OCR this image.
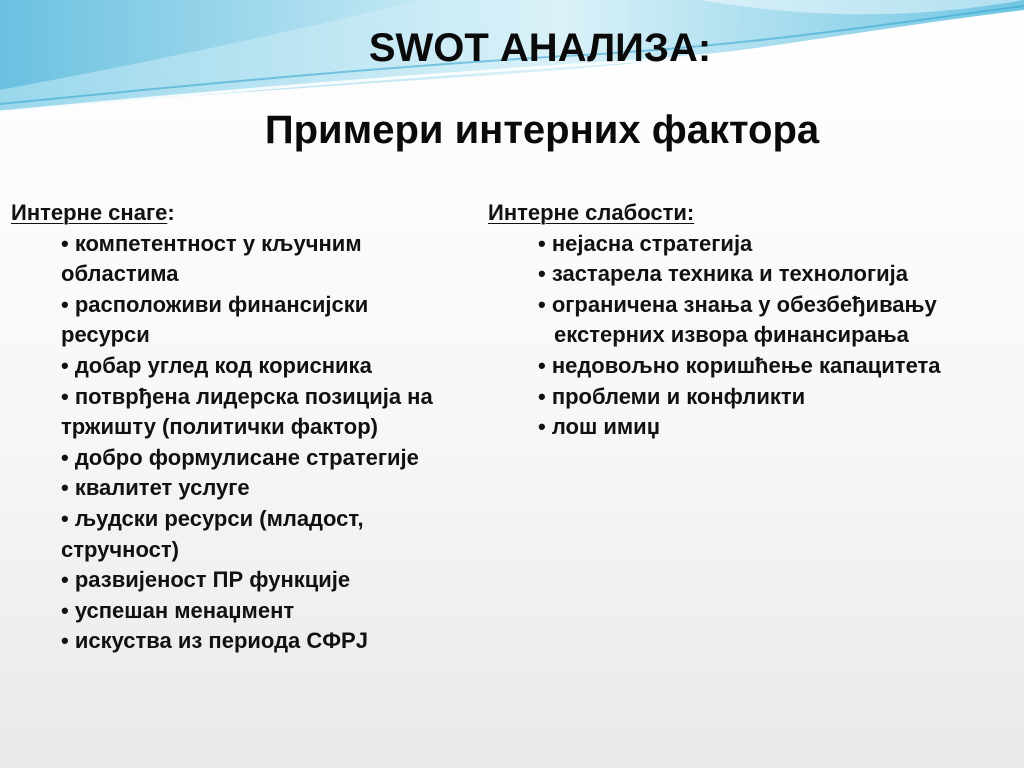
SWOT АНАЛИЗА:
Примери интерних фактора
Интерне снаге:
• компетентност у кључним
областима
• расположиви финансијски
ресурси
• добар углед код корисника
• потврђена лидерска позиција на
тржишту (политички фактор)
• добро формулисане стратегије
• квалитет услуге
• људски ресурси (младост,
стручност)
• развијеност ПР функције
• успешан менаџмент
• искуства из периода СФРЈ
Интерне слабости:
• нејасна стратегија
• застарела техника и технологија
• ограничена знања у обезбеђивању
екстерних извора финансирања
• недовољно коришћење капацитета
• проблеми и конфликти
• лош имиџ
